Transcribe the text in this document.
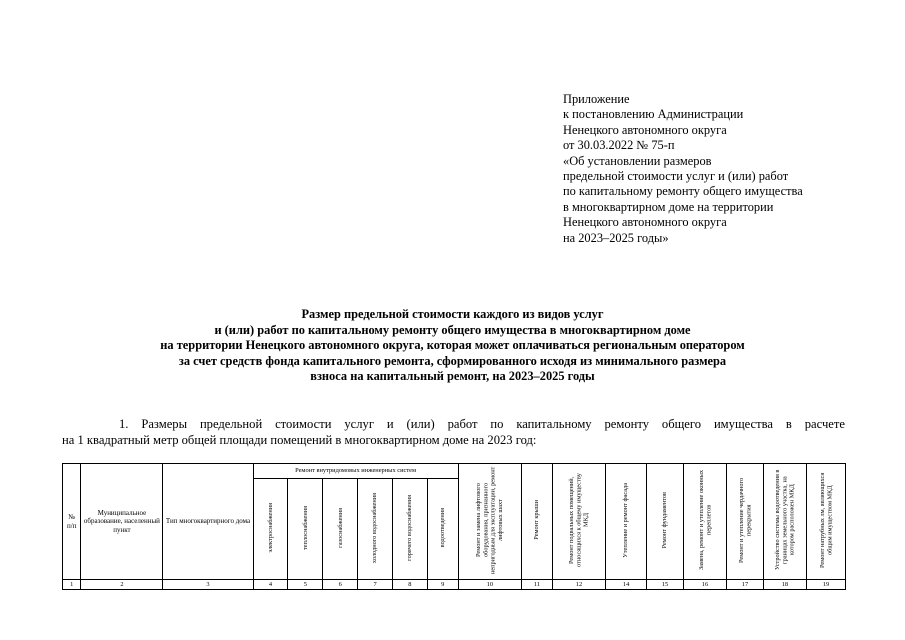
Приложение
к постановлению Администрации
Ненецкого автономного округа
от 30.03.2022 № 75-п
«Об установлении размеров
предельной стоимости услуг и (или) работ
по капитальному ремонту общего имущества
в многоквартирном доме на территории
Ненецкого автономного округа
на 2023–2025 годы»
Размер предельной стоимости каждого из видов услуг
и (или) работ по капитальному ремонту общего имущества в многоквартирном доме
на территории Ненецкого автономного округа, которая может оплачиваться региональным оператором
за счет средств фонда капитального ремонта, сформированного исходя из минимального размера
взноса на капитальный ремонт, на 2023–2025 годы
1. Размеры предельной стоимости услуг и (или) работ по капитальному ремонту общего имущества в расчете
на 1 квадратный метр общей площади помещений в многоквартирном доме на 2023 год:
№ п/п	Муниципальное образование, населенный пункт	Тип многоквартирного дома	Ремонт внутридомовых инженерных систем						Ремонт и замена лифтового оборудования, признанного непригодным для эксплуатации, ремонт лифтовых шахт	Ремонт крыши	Ремонт подвальных помещений, относящихся к общему имуществу МКД	Утепление и ремонт фасада	Ремонт фундаментов	Замена, ремонт и утепление оконных переплетов	Ремонт и утепление чердачного перекрытия	Устройство системы водоотведения в границах земельного участка, на котором расположен МКД	Ремонт натрубных лм, являющихся общим имуществом МКД
			электроснабжения	теплоснабжения	газоснабжения	холодного водоснабжения	горячего водоснабжения	водоотведения									
1	2	3	4	5	6	7	8	9	10	11	12	14	15	16	17	18	19
